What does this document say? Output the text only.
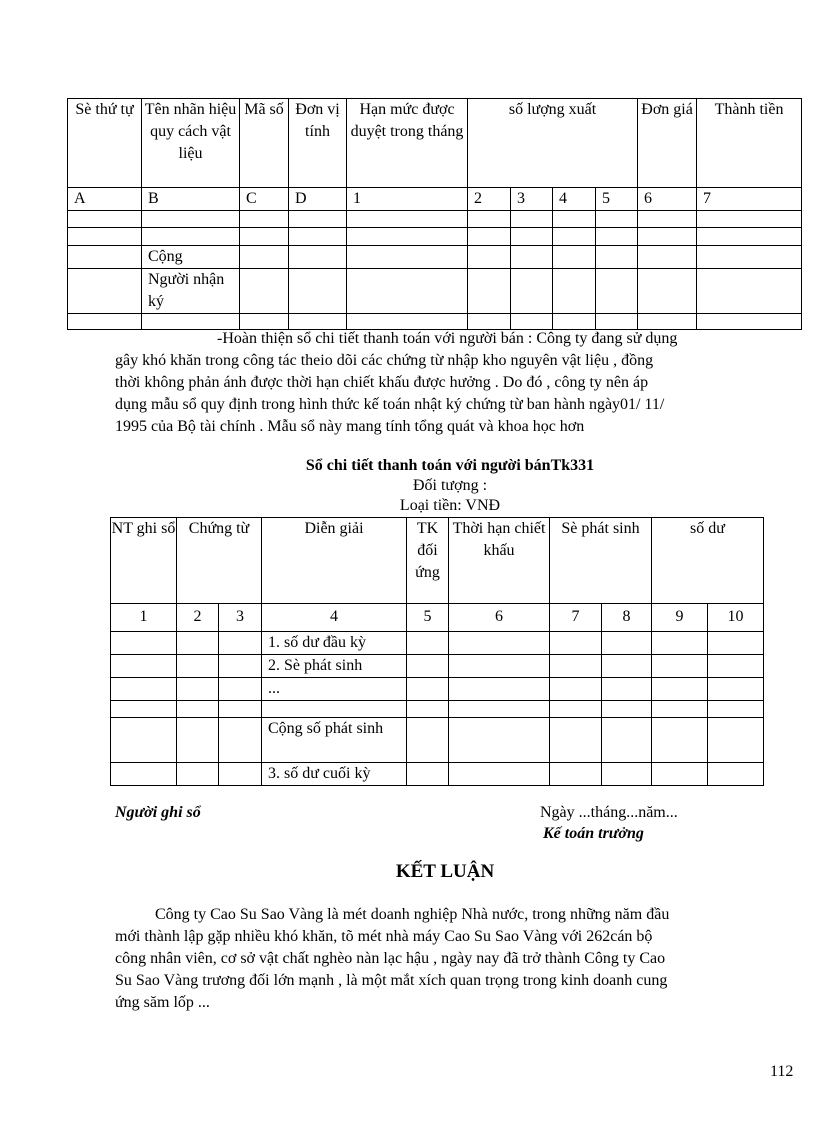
Sè thứ tự	Tên nhãn hiệu quy cách vật liệu	Mã số	Đơn vị tính	Hạn mức được duyệt trong tháng	số lượng xuất				Đơn giá	Thành tiền
A	B	C	D	1	2	3	4	5	6	7

	Cộng									
	Người nhận ký									

-Hoàn thiện sổ chi tiết thanh toán với người bán : Công ty đang sử dụng
gây khó khăn trong công tác theio dõi các chứng từ nhập kho nguyên vật liệu , đồng
thời không phản ánh được thời hạn chiết khấu được hưởng . Do đó , công ty nên áp
dụng mẫu sổ quy định trong hình thức kế toán nhật ký chứng từ ban hành ngày01/ 11/
1995 của Bộ tài chính . Mẫu sổ này mang tính tổng quát và khoa học hơn
Sổ chi tiết thanh toán với người bánTk331
Đối tượng :
Loại tiền: VNĐ
NT ghi sổ	Chứng từ		Diễn giải	TK đối ứng	Thời hạn chiết khấu	Sè phát sinh		số dư	
1	2	3	4	5	6	7	8	9	10
			1. số dư đầu kỳ						
			2. Sè phát sinh						
			...						

			Cộng số phát sinh						
			3. số dư cuối kỳ						
Người ghi sổ	Ngày ...tháng...năm...
Kế toán trưởng
KẾT LUẬN
Công ty Cao Su Sao Vàng là mét doanh nghiệp Nhà nước, trong những năm đầu
mới thành lập gặp nhiều khó khăn, tõ mét nhà máy Cao Su Sao Vàng với 262cán bộ
công nhân viên, cơ sở vật chất nghèo nàn lạc hậu , ngày nay đã trở thành Công ty Cao
Su Sao Vàng trương đối lớn mạnh , là một mắt xích quan trọng trong kinh doanh cung
ứng săm lốp ...
112
